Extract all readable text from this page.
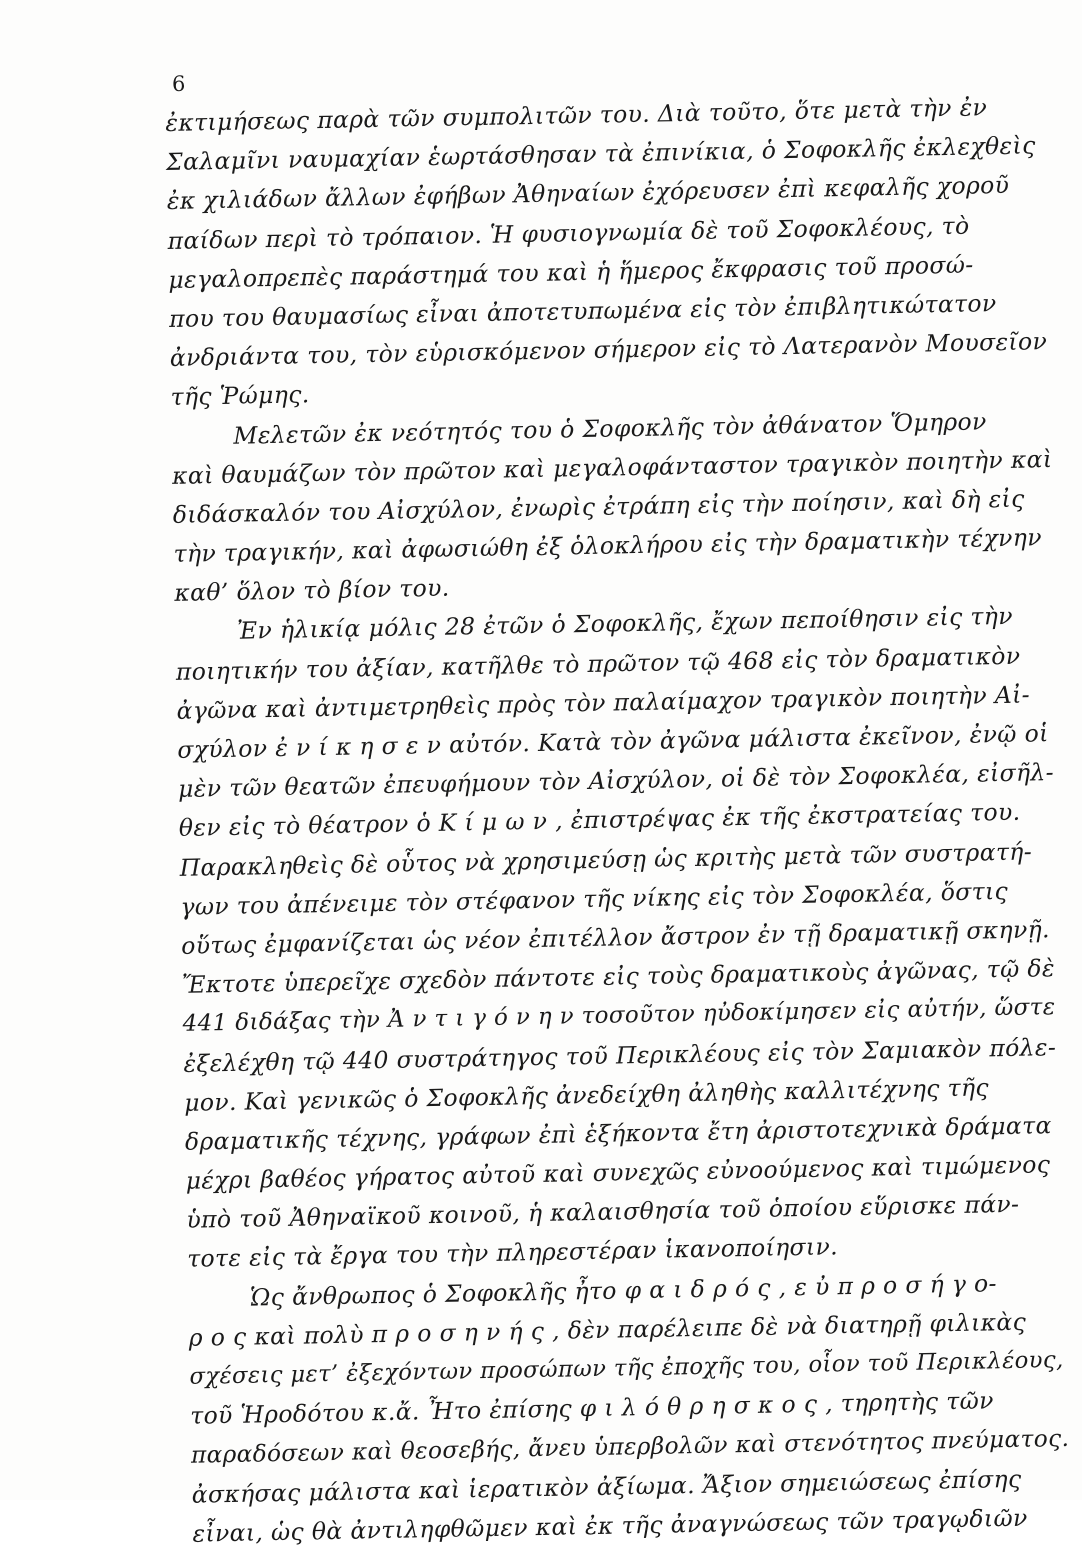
6
ἐκτιμήσεως παρὰ τῶν συμπολιτῶν του. Διὰ τοῦτο, ὅτε μετὰ τὴν ἐν
Σαλαμῖνι ναυμαχίαν ἑωρτάσθησαν τὰ ἐπινίκια, ὁ Σοφοκλῆς ἐκλεχθεὶς
ἐκ χιλιάδων ἄλλων ἐφήβων Ἀθηναίων ἐχόρευσεν ἐπὶ κεφαλῆς χοροῦ
παίδων περὶ τὸ τρόπαιον. Ἡ φυσιογνωμία δὲ τοῦ Σοφοκλέους, τὸ
μεγαλοπρεπὲς παράστημά του καὶ ἡ ἥμερος ἔκφρασις τοῦ προσώ-
που του θαυμασίως εἶναι ἀποτετυπωμένα εἰς τὸν ἐπιβλητικώτατον
ἀνδριάντα του, τὸν εὑρισκόμενον σήμερον εἰς τὸ Λατερανὸν Μουσεῖον
τῆς Ῥώμης.
Μελετῶν ἐκ νεότητός του ὁ Σοφοκλῆς τὸν ἀθάνατον Ὅμηρον
καὶ θαυμάζων τὸν πρῶτον καὶ μεγαλοφάνταστον τραγικὸν ποιητὴν καὶ
διδάσκαλόν του Αἰσχύλον, ἐνωρὶς ἐτράπη εἰς τὴν ποίησιν, καὶ δὴ εἰς
τὴν τραγικήν, καὶ ἀφωσιώθη ἐξ ὁλοκλήρου εἰς τὴν δραματικὴν τέχνην
καθ’ ὅλον τὸ βίον του.
Ἐν ἡλικίᾳ μόλις 28 ἐτῶν ὁ Σοφοκλῆς, ἔχων πεποίθησιν εἰς τὴν
ποιητικήν του ἀξίαν, κατῆλθε τὸ πρῶτον τῷ 468 εἰς τὸν δραματικὸν
ἀγῶνα καὶ ἀντιμετρηθεὶς πρὸς τὸν παλαίμαχον τραγικὸν ποιητὴν Αἰ-
σχύλον ἐ ν ί κ η σ ε ν αὐτόν. Κατὰ τὸν ἀγῶνα μάλιστα ἐκεῖνον, ἐνῷ οἱ
μὲν τῶν θεατῶν ἐπευφήμουν τὸν Αἰσχύλον, οἱ δὲ τὸν Σοφοκλέα, εἰσῆλ-
θεν εἰς τὸ θέατρον ὁ Κ ί μ ω ν , ἐπιστρέψας ἐκ τῆς ἐκστρατείας του.
Παρακληθεὶς δὲ οὗτος νὰ χρησιμεύσῃ ὡς κριτὴς μετὰ τῶν συστρατή-
γων του ἀπένειμε τὸν στέφανον τῆς νίκης εἰς τὸν Σοφοκλέα, ὅστις
οὕτως ἐμφανίζεται ὡς νέον ἐπιτέλλον ἄστρον ἐν τῇ δραματικῇ σκηνῇ.
Ἔκτοτε ὑπερεῖχε σχεδὸν πάντοτε εἰς τοὺς δραματικοὺς ἀγῶνας, τῷ δὲ
441 διδάξας τὴν Ἀ ν τ ι γ ό ν η ν τοσοῦτον ηὐδοκίμησεν εἰς αὐτήν, ὥστε
ἐξελέχθη τῷ 440 συστράτηγος τοῦ Περικλέους εἰς τὸν Σαμιακὸν πόλε-
μον. Καὶ γενικῶς ὁ Σοφοκλῆς ἀνεδείχθη ἀληθὴς καλλιτέχνης τῆς
δραματικῆς τέχνης, γράφων ἐπὶ ἑξήκοντα ἔτη ἀριστοτεχνικὰ δράματα
μέχρι βαθέος γήρατος αὐτοῦ καὶ συνεχῶς εὐνοούμενος καὶ τιμώμενος
ὑπὸ τοῦ Ἀθηναϊκοῦ κοινοῦ, ἡ καλαισθησία τοῦ ὁποίου εὕρισκε πάν-
τοτε εἰς τὰ ἔργα του τὴν πληρεστέραν ἱκανοποίησιν.
Ὡς ἄνθρωπος ὁ Σοφοκλῆς ἦτο φ α ι δ ρ ό ς , ε ὐ π ρ ο σ ή γ ο-
ρ ο ς καὶ πολὺ π ρ ο σ η ν ή ς , δὲν παρέλειπε δὲ νὰ διατηρῇ φιλικὰς
σχέσεις μετ’ ἐξεχόντων προσώπων τῆς ἐποχῆς του, οἷον τοῦ Περικλέους,
τοῦ Ἡροδότου κ.ἄ. Ἦτο ἐπίσης φ ι λ ό θ ρ η σ κ ο ς , τηρητὴς τῶν
παραδόσεων καὶ θεοσεβής, ἄνευ ὑπερβολῶν καὶ στενότητος πνεύματος.
ἀσκήσας μάλιστα καὶ ἱερατικὸν ἀξίωμα. Ἄξιον σημειώσεως ἐπίσης
εἶναι, ὡς θὰ ἀντιληφθῶμεν καὶ ἐκ τῆς ἀναγνώσεως τῶν τραγῳδιῶν
